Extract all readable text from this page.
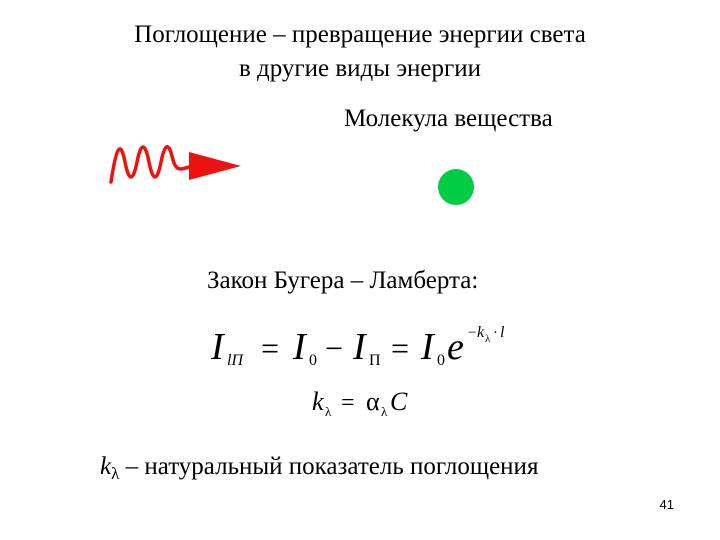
Поглощение – превращение энергии света
в другие виды энергии
Молекула вещества
Закон Бугера – Ламберта:
I lП = I 0 − I П = I 0 e − k λ · l
k λ = α λ C
$k_\lambda$ – натуральный показатель поглощения
41
